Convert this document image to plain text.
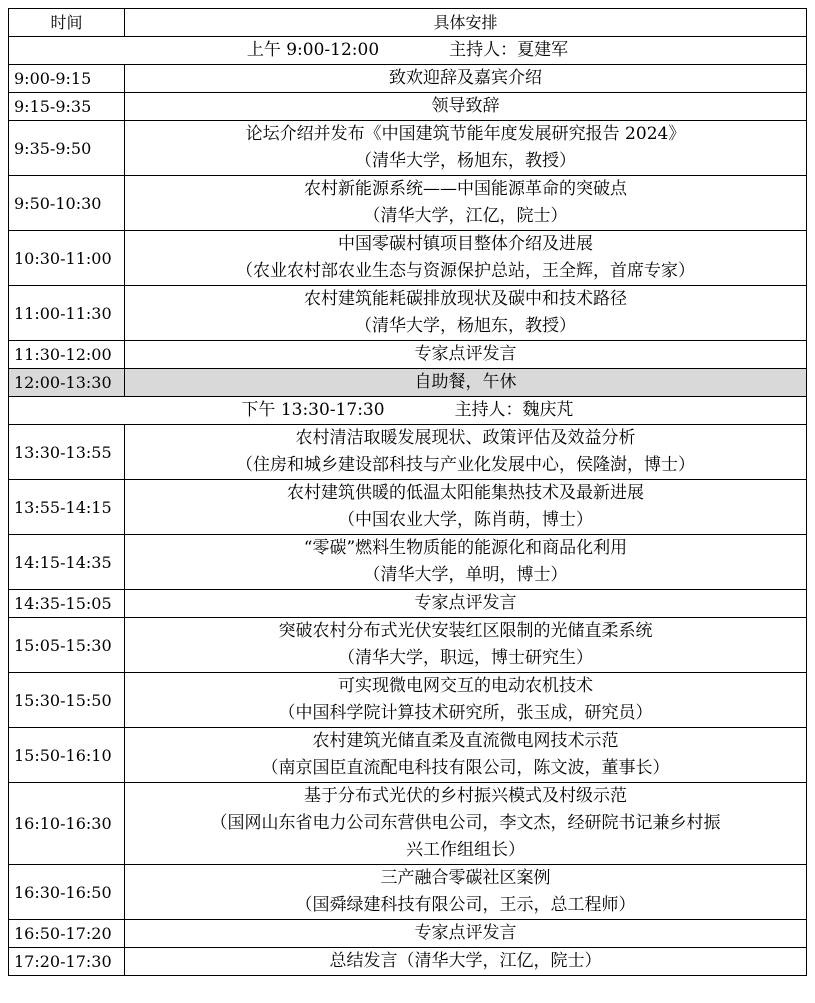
时间	具体安排
上午 9:00-12:00 主持人：夏建军	
9:00-9:15	致欢迎辞及嘉宾介绍

9:15-9:35	领导致辞

9:35-9:50	论坛介绍并发布《中国建筑节能年度发展研究报告 2024》
（清华大学，杨旭东，教授）

9:50-10:30	农村新能源系统——中国能源革命的突破点
（清华大学，江亿，院士）

10:30-11:00	中国零碳村镇项目整体介绍及进展
（农业农村部农业生态与资源保护总站，王全辉，首席专家）

11:00-11:30	农村建筑能耗碳排放现状及碳中和技术路径
（清华大学，杨旭东，教授）

11:30-12:00	专家点评发言

12:00-13:30	自助餐，午休
下午 13:30-17:30 主持人：魏庆芃	
13:30-13:55	农村清洁取暖发展现状、政策评估及效益分析
（住房和城乡建设部科技与产业化发展中心，侯隆澍，博士）

13:55-14:15	农村建筑供暖的低温太阳能集热技术及最新进展
（中国农业大学，陈肖萌，博士）

14:15-14:35	“零碳”燃料生物质能的能源化和商品化利用
（清华大学，单明，博士）

14:35-15:05	专家点评发言

15:05-15:30	突破农村分布式光伏安装红区限制的光储直柔系统
（清华大学，职远，博士研究生）

15:30-15:50	可实现微电网交互的电动农机技术
（中国科学院计算技术研究所，张玉成，研究员）

15:50-16:10	农村建筑光储直柔及直流微电网技术示范
（南京国臣直流配电科技有限公司，陈文波，董事长）

16:10-16:30	基于分布式光伏的乡村振兴模式及村级示范
（国网山东省电力公司东营供电公司，李文杰，经研院书记兼乡村振
兴工作组组长）

16:30-16:50	三产融合零碳社区案例
（国舜绿建科技有限公司，王示，总工程师）

16:50-17:20	专家点评发言

17:20-17:30	总结发言（清华大学，江亿，院士）
